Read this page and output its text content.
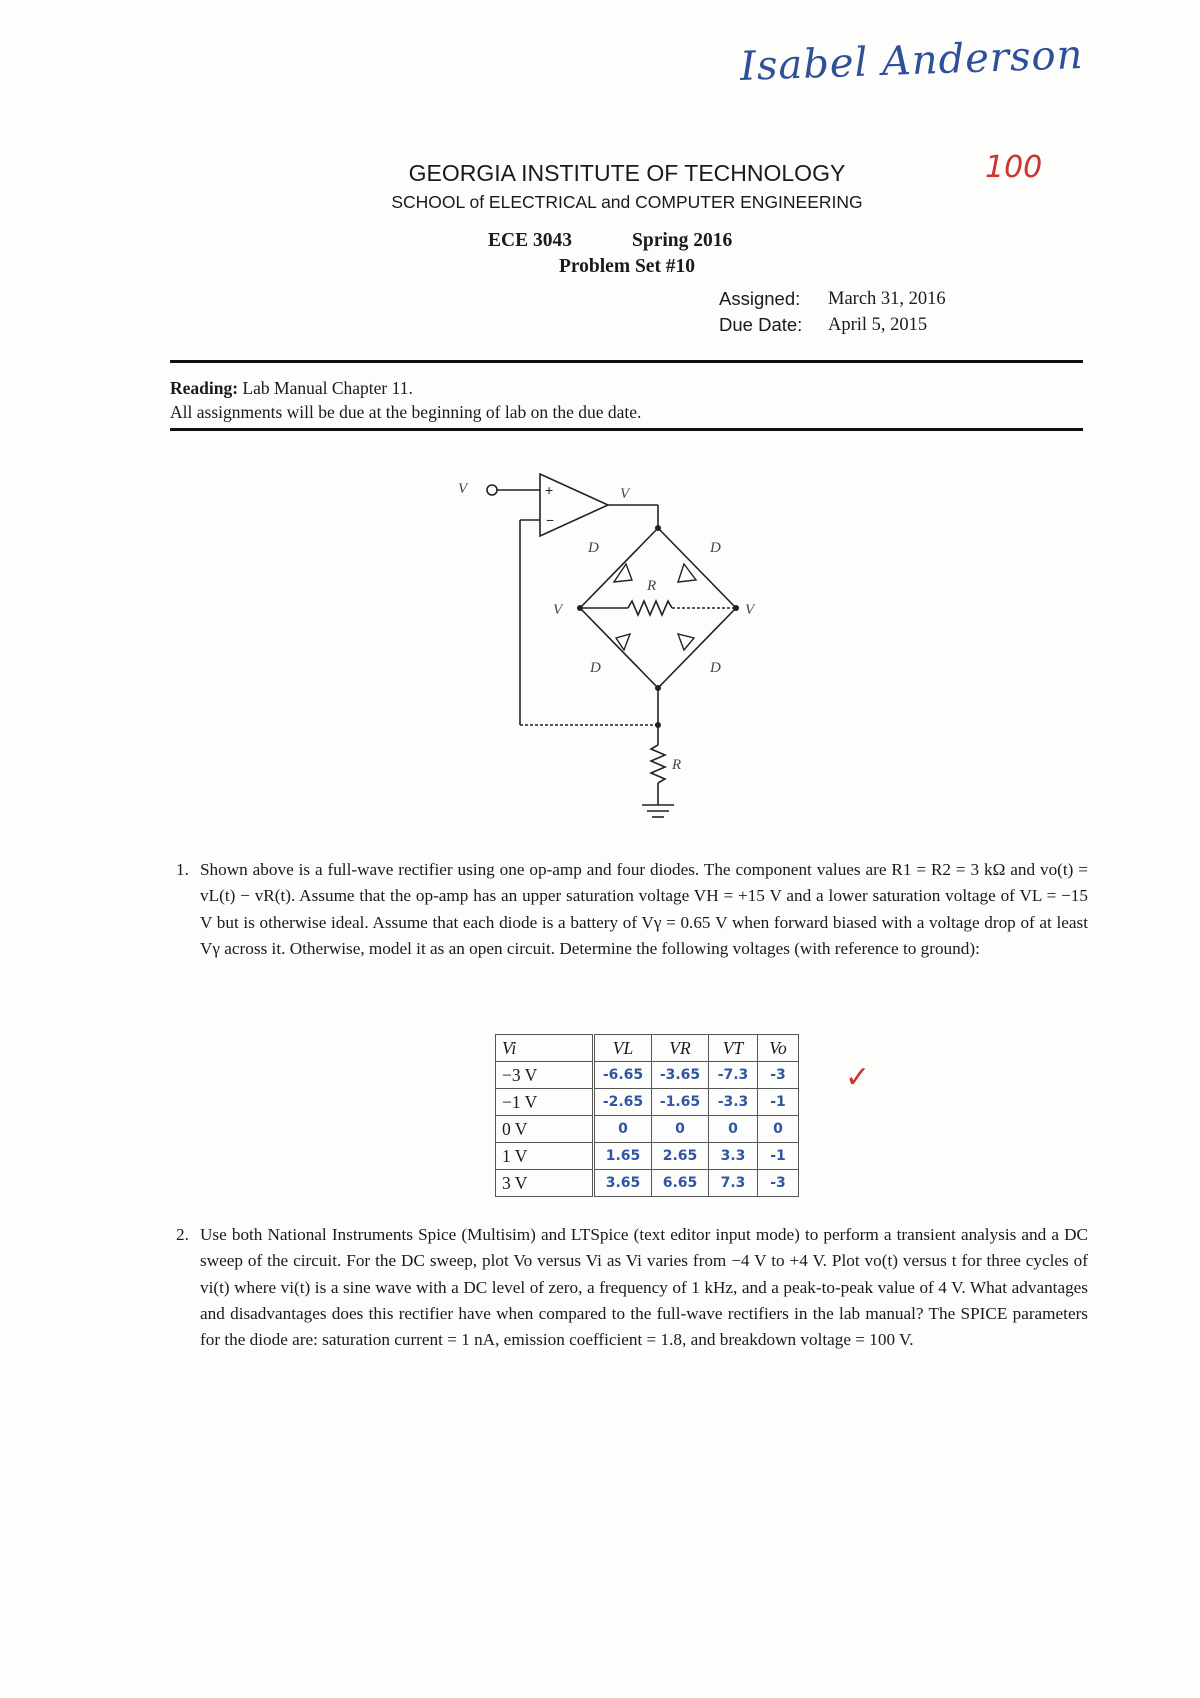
Isabel Anderson
100
GEORGIA INSTITUTE OF TECHNOLOGY
SCHOOL of ELECTRICAL and COMPUTER ENGINEERING
ECE 3043	Spring 2016
Problem Set #10
Assigned: March 31, 2016
Due Date: April 5, 2015
Reading: Lab Manual Chapter 11.
All assignments will be due at the beginning of lab on the due date.
V	V
D	D
R
V	V
D	D
R
+
−
1. Shown above is a full-wave rectifier using one op-amp and four diodes. The component values are R1 = R2 = 3 kΩ and vo(t) = vL(t) − vR(t). Assume that the op-amp has an upper saturation voltage VH = +15 V and a lower saturation voltage of VL = −15 V but is otherwise ideal. Assume that each diode is a battery of Vγ = 0.65 V when forward biased with a voltage drop of at least Vγ across it. Otherwise, model it as an open circuit. Determine the following voltages (with reference to ground):
Vi	VL	VR	VT	Vo
−3 V	-6.65	-3.65	-7.3	-3
−1 V	-2.65	-1.65	-3.3	-1
0 V	0	0	0	0
1 V	1.65	2.65	3.3	-1
3 V	3.65	6.65	7.3	-3
✓
2. Use both National Instruments Spice (Multisim) and LTSpice (text editor input mode) to perform a transient analysis and a DC sweep of the circuit. For the DC sweep, plot Vo versus Vi as Vi varies from −4 V to +4 V. Plot vo(t) versus t for three cycles of vi(t) where vi(t) is a sine wave with a DC level of zero, a frequency of 1 kHz, and a peak-to-peak value of 4 V. What advantages and disadvantages does this rectifier have when compared to the full-wave rectifiers in the lab manual? The SPICE parameters for the diode are: saturation current = 1 nA, emission coefficient = 1.8, and breakdown voltage = 100 V.
